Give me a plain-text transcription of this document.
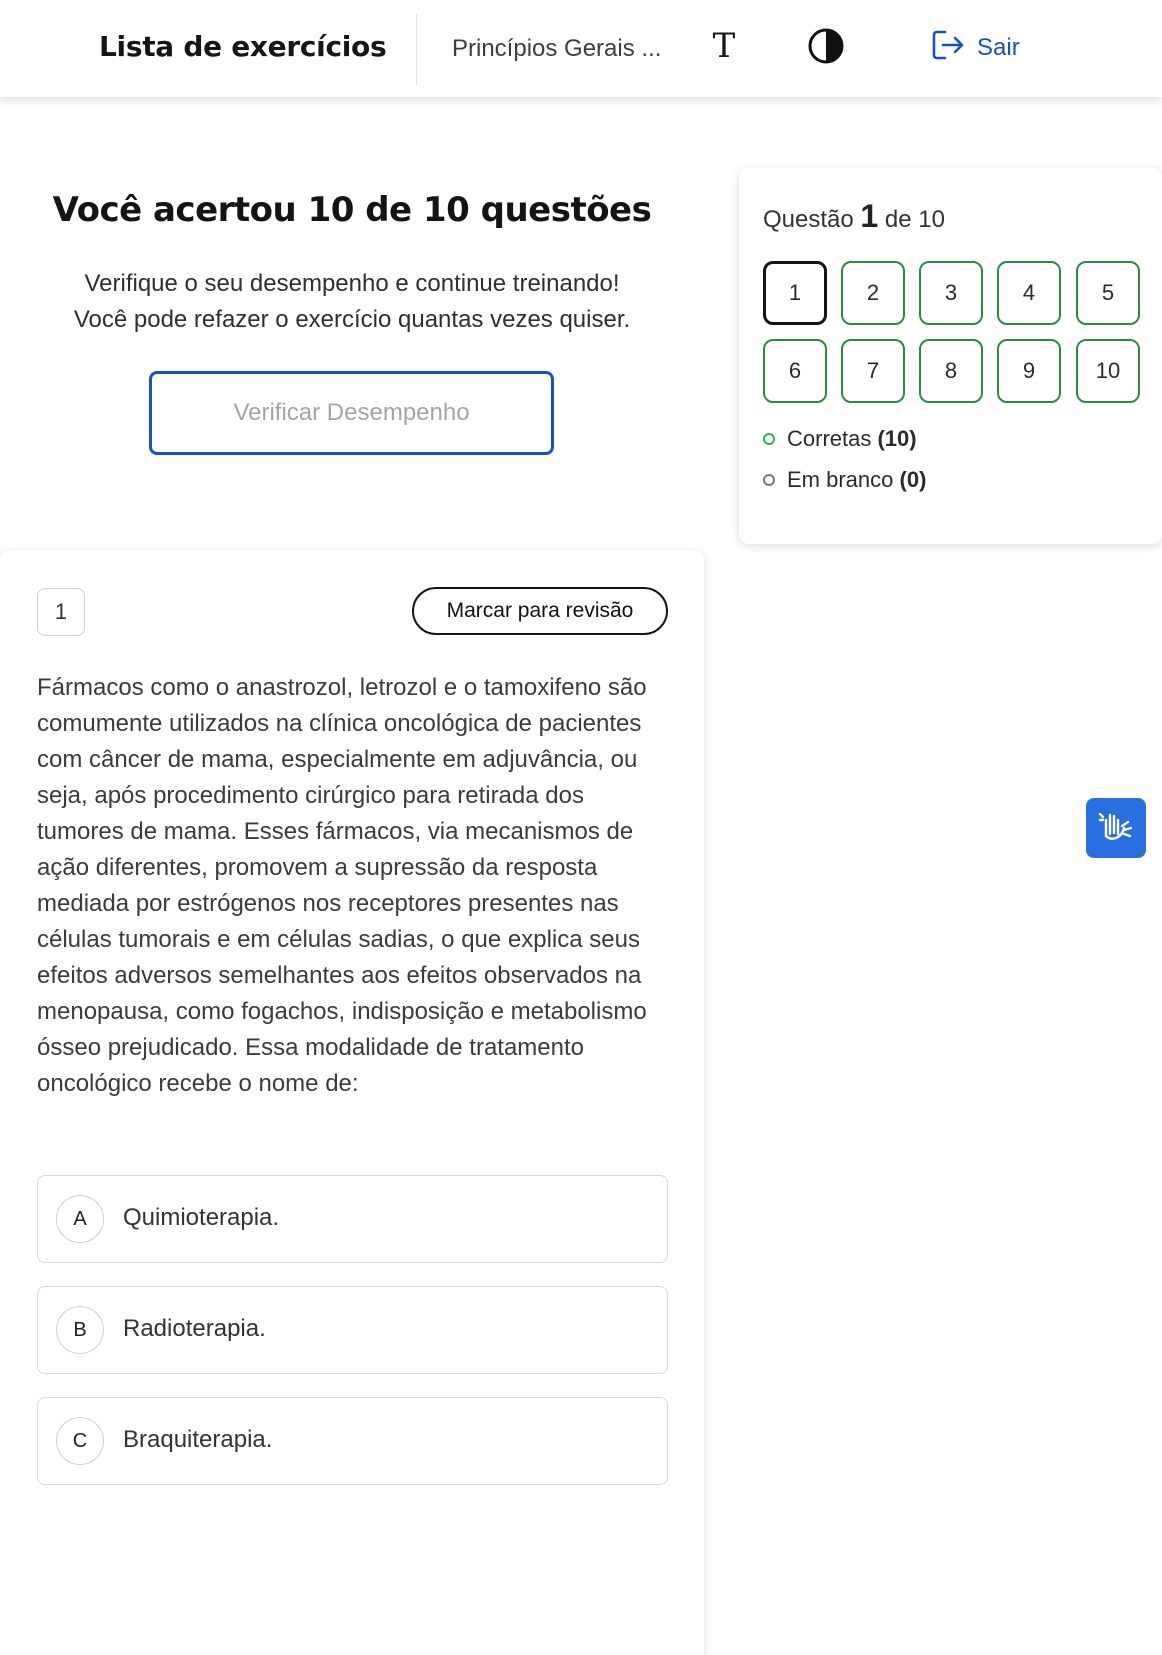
Lista de exercícios	Princípios Gerais ... T	Sair
Você acertou 10 de 10 questões
Verifique o seu desempenho e continue treinando!
Você pode refazer o exercício quantas vezes quiser.
Verificar Desempenho
Questão 1 de 10
1	2	3	4	5
6	7	8	9	10
Corretas (10)
Em branco (0)
1	Marcar para revisão
Fármacos como o anastrozol, letrozol e o tamoxifeno são comumente utilizados na clínica oncológica de pacientes com câncer de mama, especialmente em adjuvância, ou seja, após procedimento cirúrgico para retirada dos tumores de mama. Esses fármacos, via mecanismos de ação diferentes, promovem a supressão da resposta mediada por estrógenos nos receptores presentes nas células tumorais e em células sadias, o que explica seus efeitos adversos semelhantes aos efeitos observados na menopausa, como fogachos, indisposição e metabolismo ósseo prejudicado. Essa modalidade de tratamento oncológico recebe o nome de:
A	Quimioterapia.
B	Radioterapia.
C	Braquiterapia.
